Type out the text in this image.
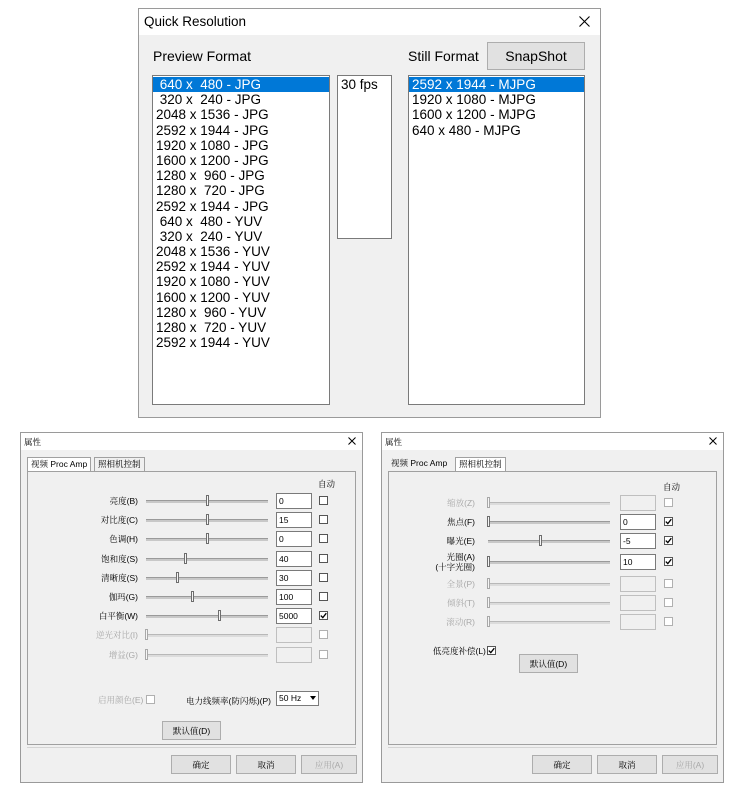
Quick Resolution
Preview Format	Still Format	SnapShot
640 x  480 - JPG
320 x  240 - JPG
2048 x 1536 - JPG
2592 x 1944 - JPG
1920 x 1080 - JPG
1600 x 1200 - JPG
1280 x  960 - JPG
1280 x  720 - JPG
2592 x 1944 - JPG
640 x  480 - YUV
320 x  240 - YUV
2048 x 1536 - YUV
2592 x 1944 - YUV
1920 x 1080 - YUV
1600 x 1200 - YUV
1280 x  960 - YUV
1280 x  720 - YUV
2592 x 1944 - YUV
30 fps	2592 x 1944 - MJPG
1920 x 1080 - MJPG
1600 x 1200 - MJPG
640 x 480 - MJPG
属性
视频 Proc Amp	照相机控制
自动
亮度(B)	0
对比度(C)	15
色调(H)	0
饱和度(S)	40
清晰度(S)	30
伽玛(G)	100
白平衡(W)	5000
逆光对比(I)
增益(G)
启用颜色(E)	电力线频率(防闪烁)(P) 50 Hz
默认值(D)
确定	取消	应用(A)
属性
视频 Proc Amp	照相机控制
自动
缩放(Z)
焦点(F)	0
曝光(E)	-5
光圈(A)
(十字光圈)	10
全景(P)
倾斜(T)
滚动(R)
低亮度补偿(L)
默认值(D)
确定	取消	应用(A)
